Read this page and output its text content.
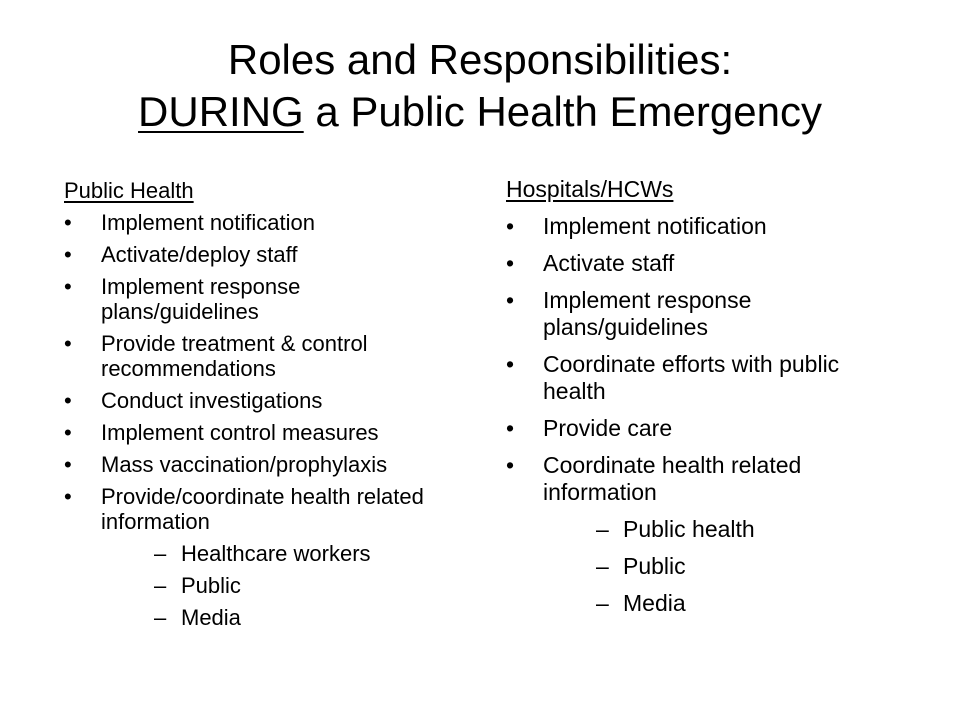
Roles and Responsibilities:
DURING a Public Health Emergency

Public Health

• Implement notification
• Activate/deploy staff
• Implement response plans/guidelines
• Provide treatment & control recommendations
• Conduct investigations
• Implement control measures
• Mass vaccination/prophylaxis
• Provide/coordinate health related information
– Healthcare workers
– Public
– Media

Hospitals/HCWs

• Implement notification
• Activate staff
• Implement response plans/guidelines
• Coordinate efforts with public health
• Provide care
• Coordinate health related information
– Public health
– Public
– Media
